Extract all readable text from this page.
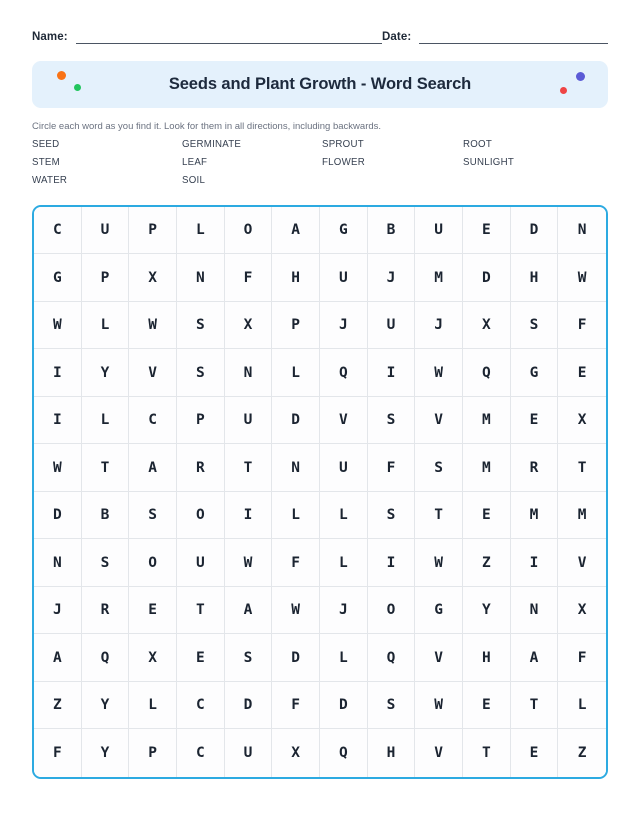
Name:	Date:
Seeds and Plant Growth - Word Search
Circle each word as you find it. Look for them in all directions, including backwards.
SEED	GERMINATE	SPROUT	ROOT
STEM	LEAF	FLOWER	SUNLIGHT
WATER	SOIL
C	U	P	L	O	A	G	B	U	E	D	N
G	P	X	N	F	H	U	J	M	D	H	W
W	L	W	S	X	P	J	U	J	X	S	F
I	Y	V	S	N	L	Q	I	W	Q	G	E
I	L	C	P	U	D	V	S	V	M	E	X
W	T	A	R	T	N	U	F	S	M	R	T
D	B	S	O	I	L	L	S	T	E	M	M
N	S	O	U	W	F	L	I	W	Z	I	V
J	R	E	T	A	W	J	O	G	Y	N	X
A	Q	X	E	S	D	L	Q	V	H	A	F
Z	Y	L	C	D	F	D	S	W	E	T	L
F	Y	P	C	U	X	Q	H	V	T	E	Z
